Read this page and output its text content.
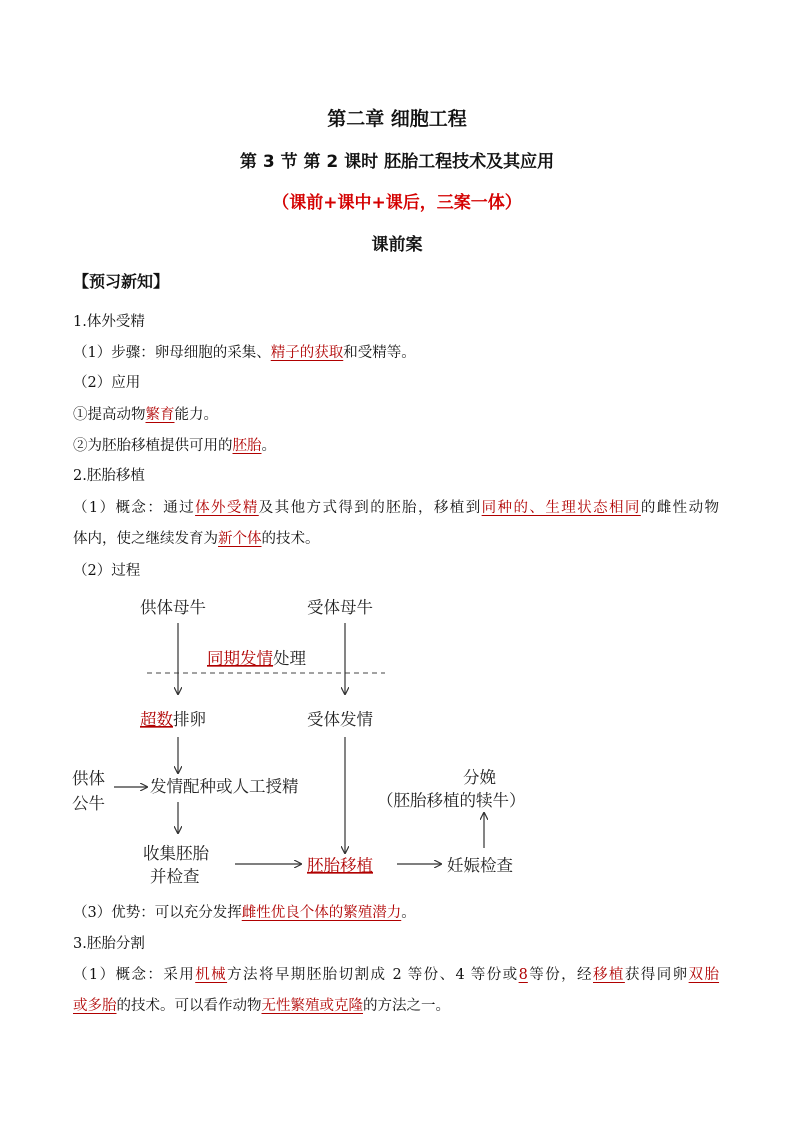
第二章 细胞工程
第 3 节 第 2 课时 胚胎工程技术及其应用
（课前+课中+课后，三案一体）
课前案
【预习新知】
1.体外受精
（1）步骤：卵母细胞的采集、精子的获取和受精等。
（2）应用
①提高动物繁育能力。
②为胚胎移植提供可用的胚胎。
2.胚胎移植
（1）概念：通过体外受精及其他方式得到的胚胎，移植到同种的、生理状态相同的雌性动物
体内，使之继续发育为新个体的技术。
（2）过程
供体母牛	受体母牛
同期发情处理
超数排卵	受体发情
供体
公牛
发情配种或人工授精
收集胚胎
并检查
胚胎移植	妊娠检查
分娩
（胚胎移植的犊牛）
（3）优势：可以充分发挥雌性优良个体的繁殖潜力。
3.胚胎分割
（1）概念：采用机械方法将早期胚胎切割成 2 等份、4 等份或8等份，经移植获得同卵双胎
或多胎的技术。可以看作动物无性繁殖或克隆的方法之一。
